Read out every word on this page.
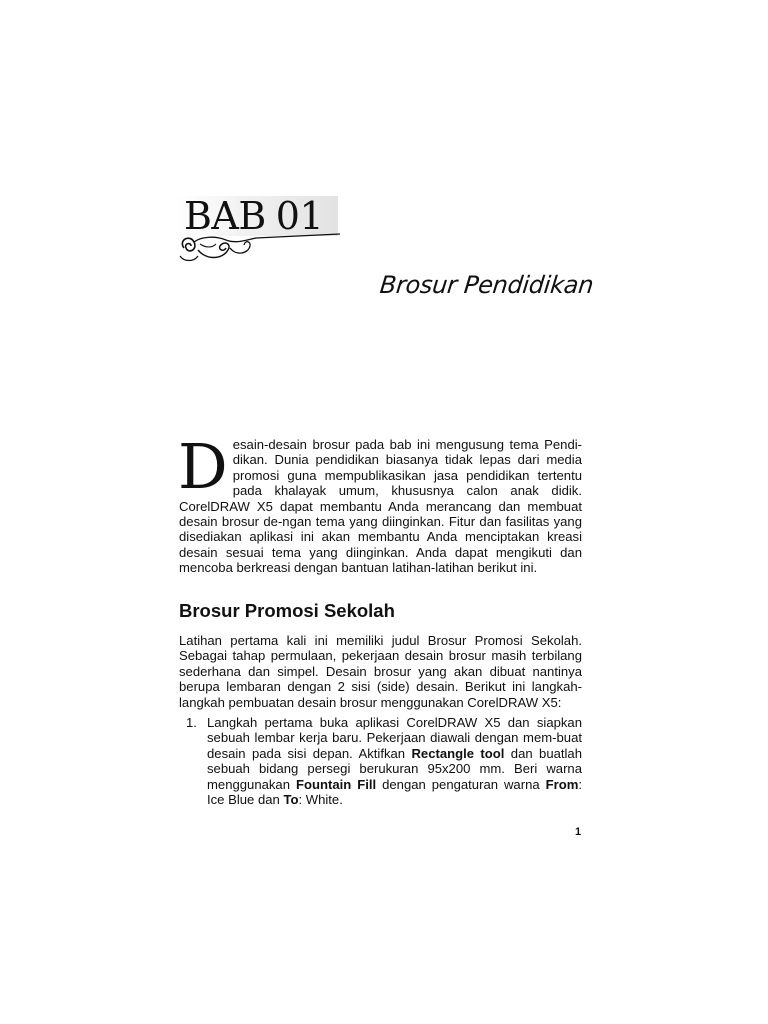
BAB 01
Brosur Pendidikan
Desain-desain brosur pada bab ini mengusung tema Pendi-dikan. Dunia pendidikan biasanya tidak lepas dari media promosi guna mempublikasikan jasa pendidikan tertentu pada khalayak umum, khususnya calon anak didik. CorelDRAW X5 dapat membantu Anda merancang dan membuat desain brosur de-ngan tema yang diinginkan. Fitur dan fasilitas yang disediakan aplikasi ini akan membantu Anda menciptakan kreasi desain sesuai tema yang diinginkan. Anda dapat mengikuti dan mencoba berkreasi dengan bantuan latihan-latihan berikut ini.
Brosur Promosi Sekolah
Latihan pertama kali ini memiliki judul Brosur Promosi Sekolah. Sebagai tahap permulaan, pekerjaan desain brosur masih terbilang sederhana dan simpel. Desain brosur yang akan dibuat nantinya berupa lembaran dengan 2 sisi (side) desain. Berikut ini langkah-langkah pembuatan desain brosur menggunakan CorelDRAW X5:
1. Langkah pertama buka aplikasi CorelDRAW X5 dan siapkan sebuah lembar kerja baru. Pekerjaan diawali dengan mem-buat desain pada sisi depan. Aktifkan Rectangle tool dan buatlah sebuah bidang persegi berukuran 95x200 mm. Beri warna menggunakan Fountain Fill dengan pengaturan warna From: Ice Blue dan To: White.
1
